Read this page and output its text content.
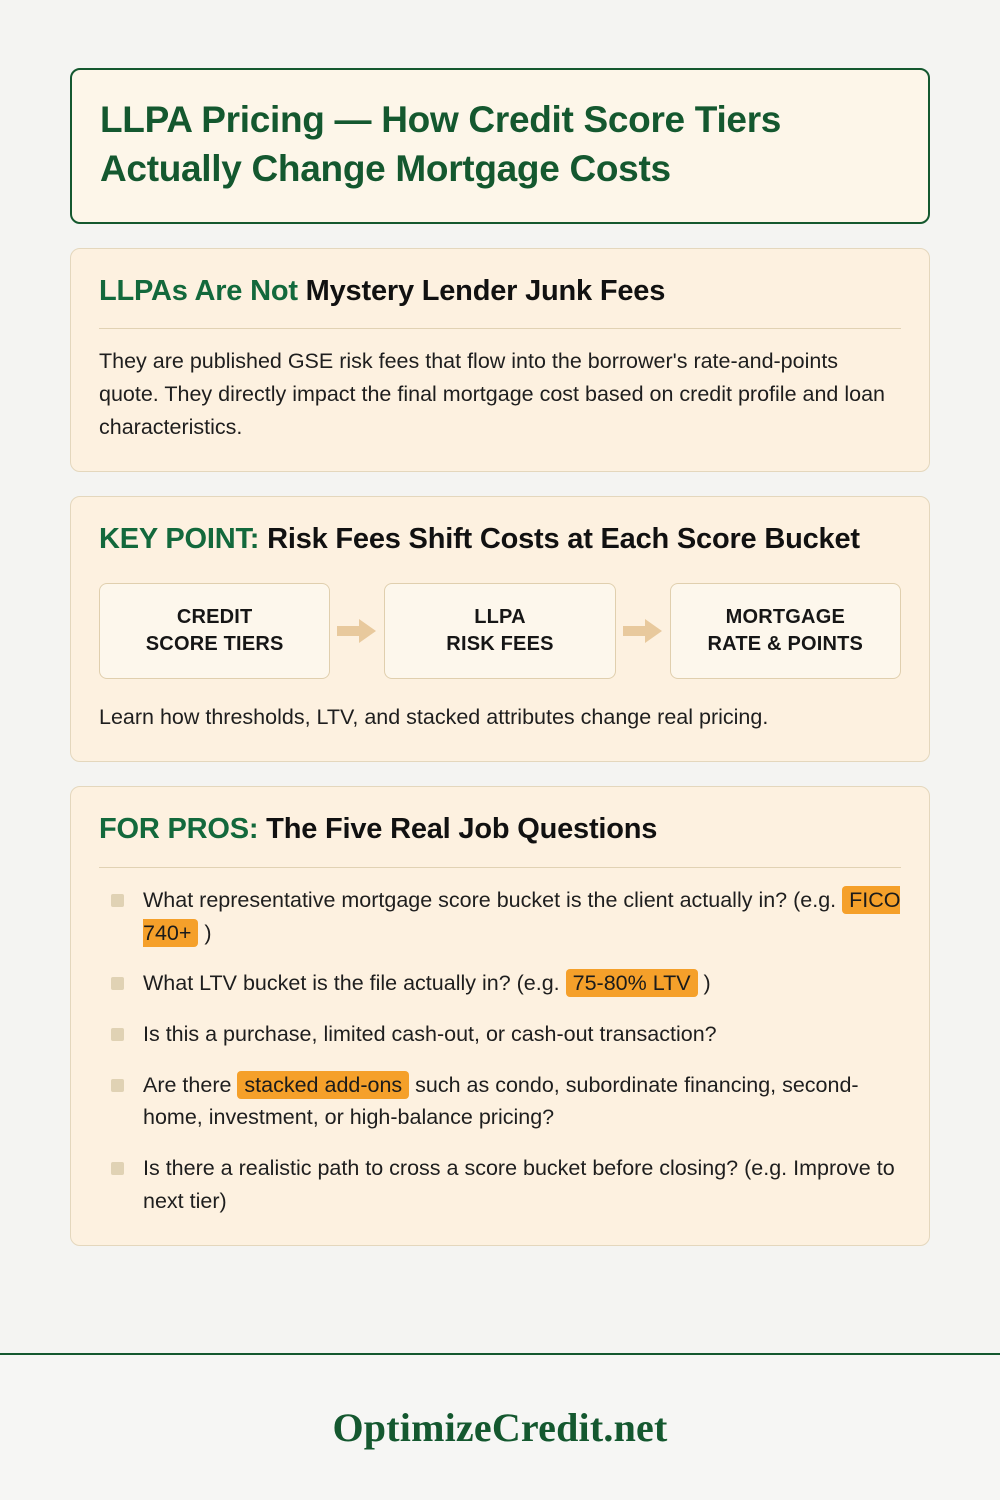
LLPA Pricing — How Credit Score Tiers Actually Change Mortgage Costs
LLPAs Are Not Mystery Lender Junk Fees
They are published GSE risk fees that flow into the borrower's rate-and-points quote. They directly impact the final mortgage cost based on credit profile and loan characteristics.
KEY POINT: Risk Fees Shift Costs at Each Score Bucket
CREDIT
SCORE TIERS
LLPA
RISK FEES
MORTGAGE
RATE & POINTS
Learn how thresholds, LTV, and stacked attributes change real pricing.
FOR PROS: The Five Real Job Questions
What representative mortgage score bucket is the client actually in? (e.g. FICO 740+ )
What LTV bucket is the file actually in? (e.g. 75-80% LTV )
Is this a purchase, limited cash-out, or cash-out transaction?
Are there stacked add-ons such as condo, subordinate financing, second-home, investment, or high-balance pricing?
Is there a realistic path to cross a score bucket before closing? (e.g. Improve to next tier)
OptimizeCredit.net
